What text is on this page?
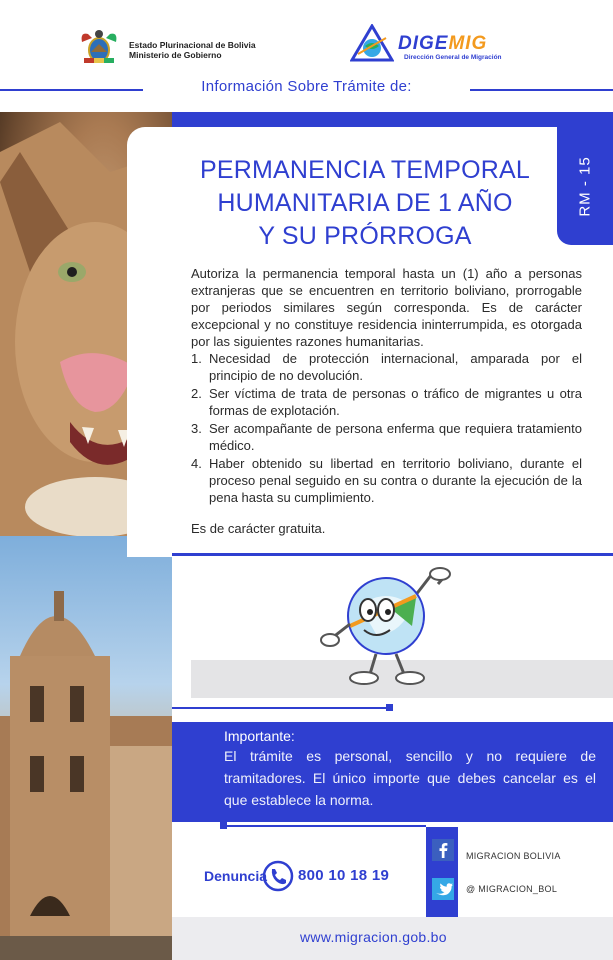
Estado Plurinacional de Bolivia
Ministerio de Gobierno
DIGEMIG
Dirección General de Migración
Información Sobre Trámite de:
RM - 15
PERMANENCIA TEMPORAL
HUMANITARIA DE 1 AÑO
Y SU PRÓRROGA
Autoriza la permanencia temporal hasta un (1) año a personas extranjeras que se encuentren en territorio boliviano, prorrogable por periodos similares según corresponda. Es de carácter excepcional y no constituye residencia ininterrumpida, es otorgada por las siguientes razones humanitarias.
1. Necesidad de protección internacional, amparada por el principio de no devolución.
2. Ser víctima de trata de personas o tráfico de migrantes u otra formas de explotación.
3. Ser acompañante de persona enferma que requiera tratamiento médico.
4. Haber obtenido su libertad en territorio boliviano, durante el proceso penal seguido en su contra o durante la ejecución de la pena hasta su cumplimiento.
Es de carácter gratuita.
Importante:
El trámite es personal, sencillo y no requiere de tramitadores. El único importe que debes cancelar es el que establece la norma.
Denuncia 800 10 18 19
MIGRACION BOLIVIA
@ MIGRACION_BOL
www.migracion.gob.bo
